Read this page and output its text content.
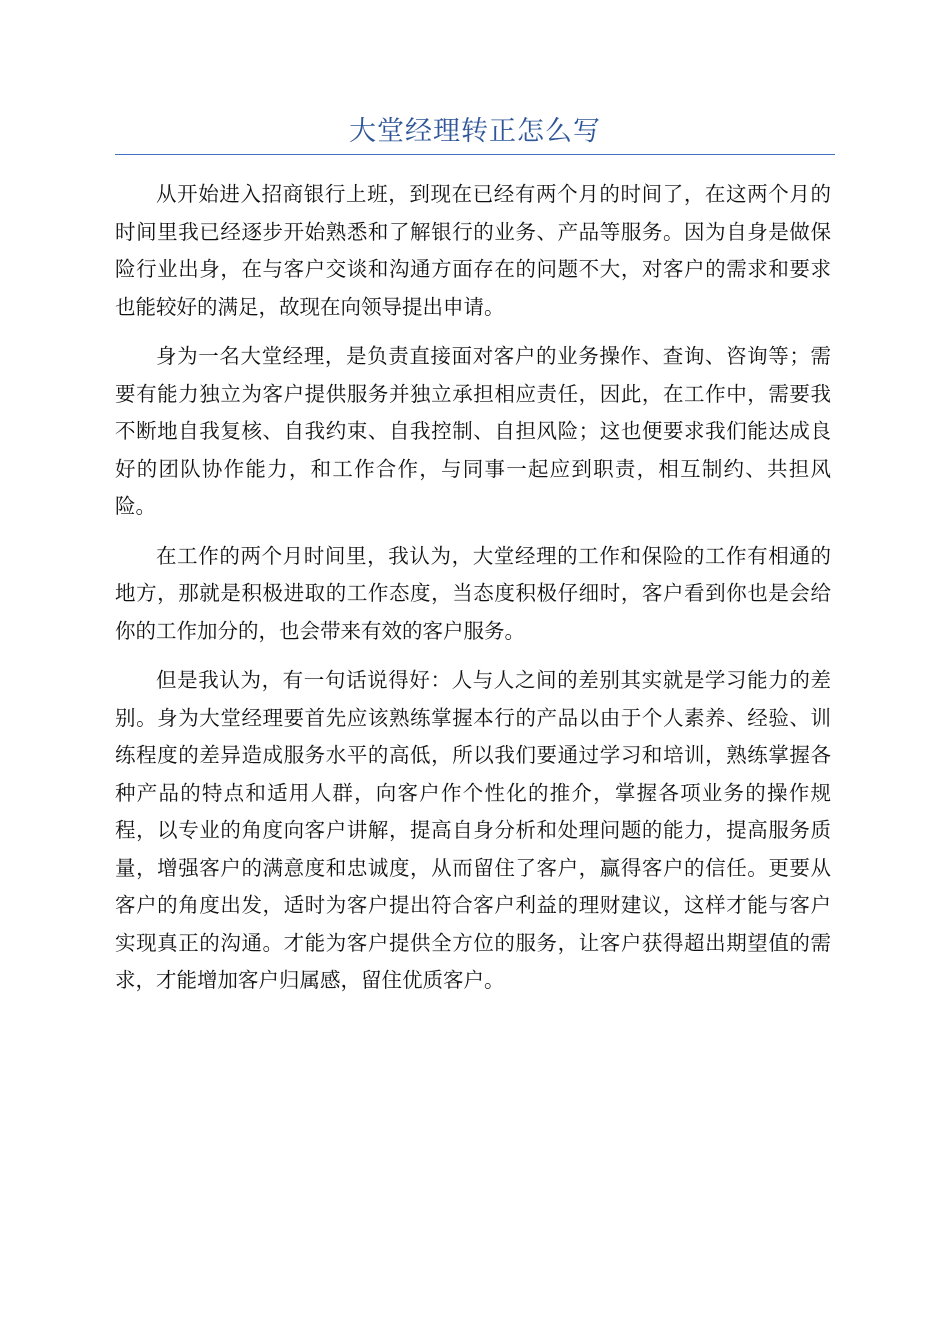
大堂经理转正怎么写

从开始进入招商银行上班，到现在已经有两个月的时间了，在这两个月的时间里我已经逐步开始熟悉和了解银行的业务、产品等服务。因为自身是做保险行业出身，在与客户交谈和沟通方面存在的问题不大，对客户的需求和要求也能较好的满足，故现在向领导提出申请。

身为一名大堂经理，是负责直接面对客户的业务操作、查询、咨询等；需要有能力独立为客户提供服务并独立承担相应责任，因此，在工作中，需要我不断地自我复核、自我约束、自我控制、自担风险；这也便要求我们能达成良好的团队协作能力，和工作合作，与同事一起应到职责，相互制约、共担风险。

在工作的两个月时间里，我认为，大堂经理的工作和保险的工作有相通的地方，那就是积极进取的工作态度，当态度积极仔细时，客户看到你也是会给你的工作加分的，也会带来有效的客户服务。

但是我认为，有一句话说得好：人与人之间的差别其实就是学习能力的差别。身为大堂经理要首先应该熟练掌握本行的产品以由于个人素养、经验、训练程度的差异造成服务水平的高低，所以我们要通过学习和培训，熟练掌握各种产品的特点和适用人群，向客户作个性化的推介，掌握各项业务的操作规程，以专业的角度向客户讲解，提高自身分析和处理问题的能力，提高服务质量，增强客户的满意度和忠诚度，从而留住了客户，赢得客户的信任。更要从客户的角度出发，适时为客户提出符合客户利益的理财建议，这样才能与客户实现真正的沟通。才能为客户提供全方位的服务，让客户获得超出期望值的需求，才能增加客户归属感，留住优质客户。
